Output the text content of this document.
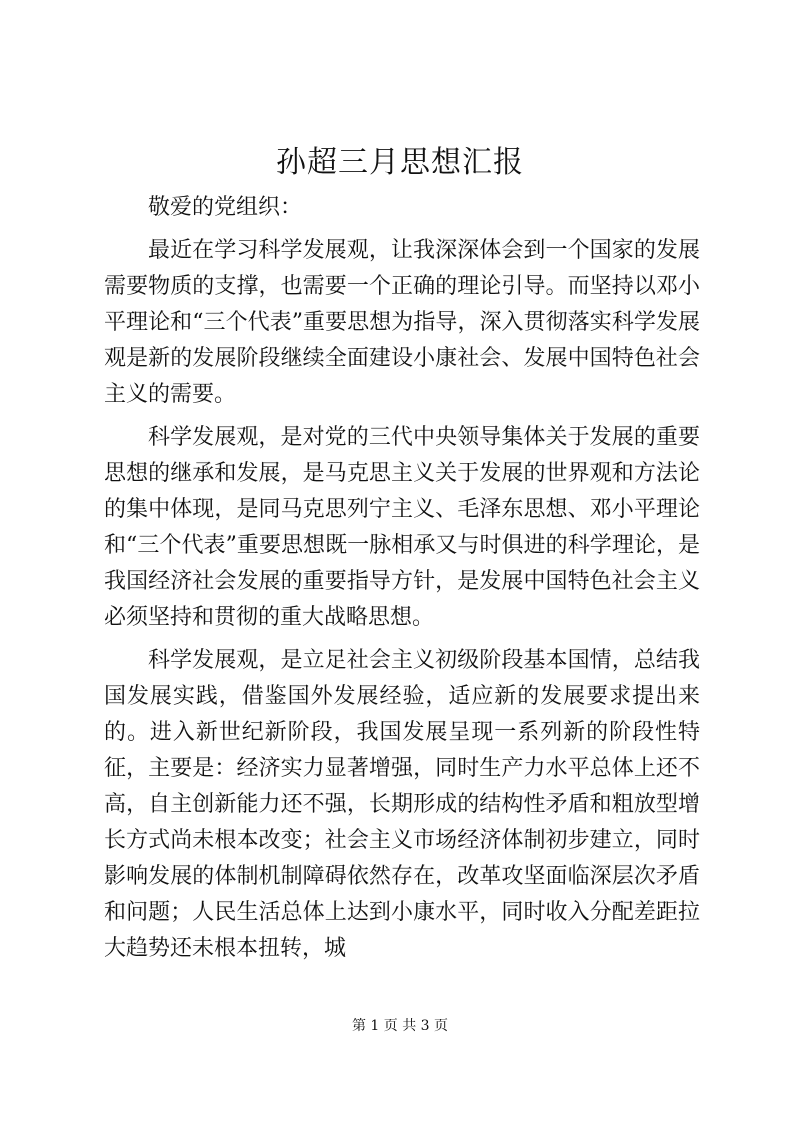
孙超三月思想汇报

敬爱的党组织：

最近在学习科学发展观，让我深深体会到一个国家的发展需要物质的支撑，也需要一个正确的理论引导。而坚持以邓小平理论和“三个代表”重要思想为指导，深入贯彻落实科学发展观是新的发展阶段继续全面建设小康社会、发展中国特色社会主义的需要。

科学发展观，是对党的三代中央领导集体关于发展的重要思想的继承和发展，是马克思主义关于发展的世界观和方法论的集中体现，是同马克思列宁主义、毛泽东思想、邓小平理论和“三个代表”重要思想既一脉相承又与时俱进的科学理论，是我国经济社会发展的重要指导方针，是发展中国特色社会主义必须坚持和贯彻的重大战略思想。

科学发展观，是立足社会主义初级阶段基本国情，总结我国发展实践，借鉴国外发展经验，适应新的发展要求提出来的。进入新世纪新阶段，我国发展呈现一系列新的阶段性特征，主要是：经济实力显著增强，同时生产力水平总体上还不高，自主创新能力还不强，长期形成的结构性矛盾和粗放型增长方式尚未根本改变；社会主义市场经济体制初步建立，同时影响发展的体制机制障碍依然存在，改革攻坚面临深层次矛盾和问题；人民生活总体上达到小康水平，同时收入分配差距拉大趋势还未根本扭转，城

第 1 页 共 3 页
